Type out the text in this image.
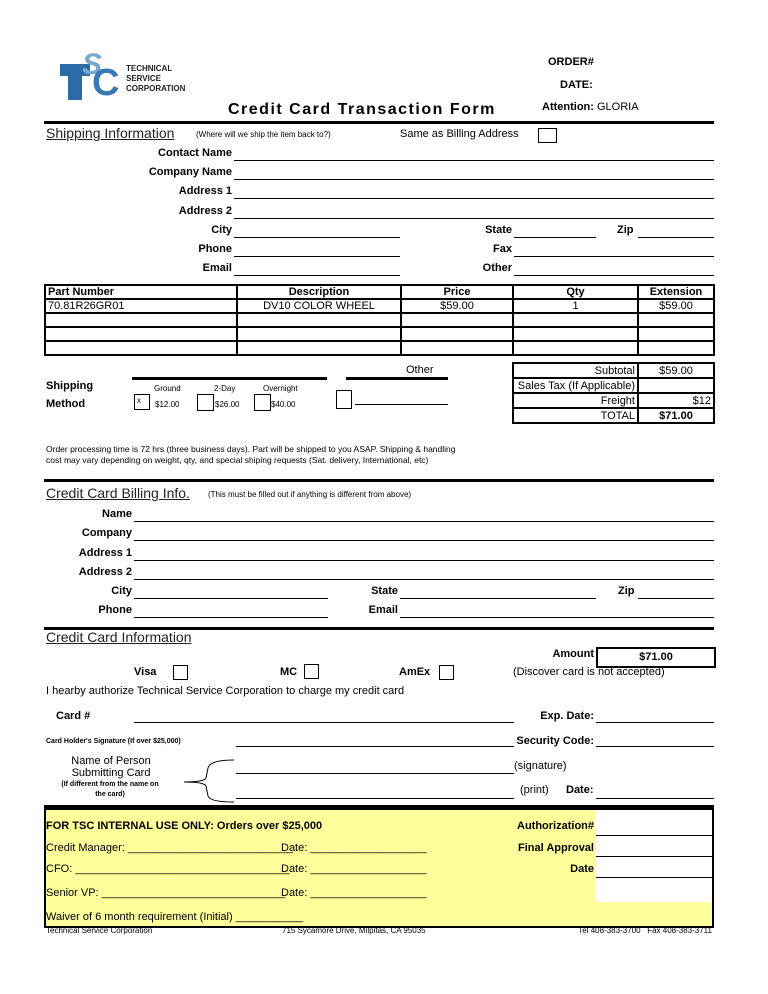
S
C TECHNICAL
SERVICE
CORPORATION
ORDER#
DATE:
Attention: GLORIA
Credit Card Transaction Form
Shipping Information	(Where will we ship the item back to?)	Same as Billing Address
Contact Name
Company Name
Address 1
Address 2
City	State	Zip
Phone	Fax
Email	Other
Part Number	Description	Price	Qty	Extension
70.81R26GR01	DV10 COLOR WHEEL	$59.00	1	$59.00

Subtotal	$59.00
Sales Tax (If Applicable)	
Freight	$12
TOTAL	$71.00
Other
Shipping
Method
Ground	2-Day	Overnight
x	$12.00	$26.00	$40.00
Order processing time is 72 hrs (three business days). Part will be shipped to you ASAP. Shipping & handling
cost may vary depending on weight, qty, and special shiping requests (Sat. delivery, International, etc)
Credit Card Billing Info. (This must be filled out if anything is different from above)
Name
Company
Address 1
Address 2
City	State	Zip
Phone	Email
Credit Card Information
Amount	$71.00
Visa	MC	AmEx	(Discover card is not accepted)
I hearby authorize Technical Service Corporation to charge my credit card
Card #	Exp. Date:
Card Holder's Signature (If over $25,000)	Security Code:
Name of Person
Submitting Card
(If different from the name on
the card)
(signature)
(print) Date:
FOR TSC INTERNAL USE ONLY: Orders over $25,000	Authorization#
Credit Manager: ___________________________
Date: ___________________	Final Approval
CFO: ___________________________________
Date: ___________________	Date
Senior VP: ______________________________
Date: ___________________
Waiver of 6 month requirement (Initial) ___________
Technical Service Corporation	715 Sycamore Drive, Milpitas, CA 95035	Tel 408-383-3700   Fax 408-383-3711
